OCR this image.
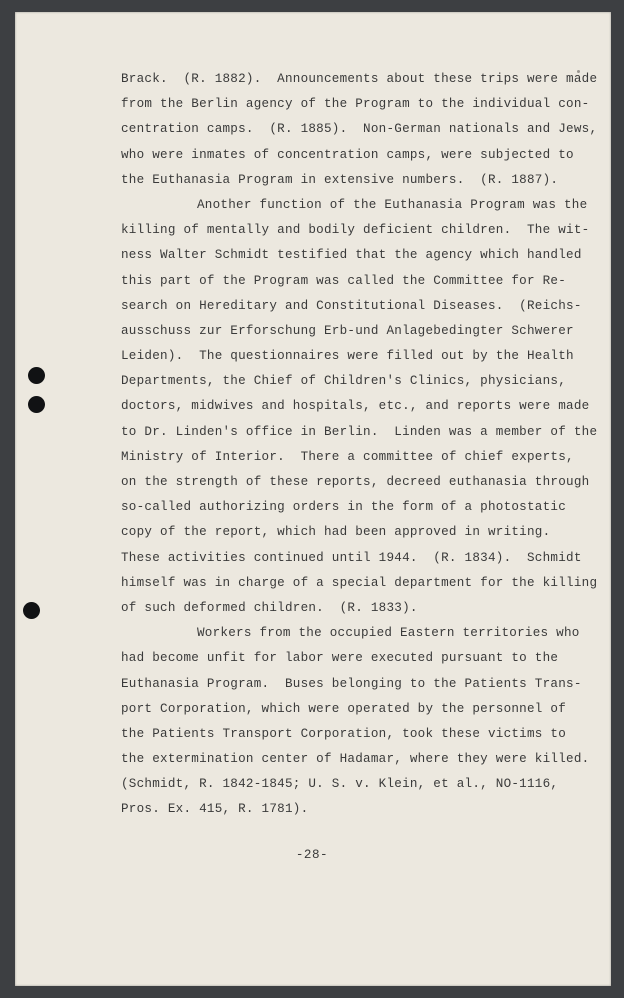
Brack.  (R. 1882).  Announcements about these trips were made
from the Berlin agency of the Program to the individual con-
centration camps.  (R. 1885).  Non-German nationals and Jews,
who were inmates of concentration camps, were subjected to
the Euthanasia Program in extensive numbers.  (R. 1887).
Another function of the Euthanasia Program was the
killing of mentally and bodily deficient children.  The wit-
ness Walter Schmidt testified that the agency which handled
this part of the Program was called the Committee for Re-
search on Hereditary and Constitutional Diseases.  (Reichs-
ausschuss zur Erforschung Erb-und Anlagebedingter Schwerer
Leiden).  The questionnaires were filled out by the Health
Departments, the Chief of Children's Clinics, physicians,
doctors, midwives and hospitals, etc., and reports were made
to Dr. Linden's office in Berlin.  Linden was a member of the
Ministry of Interior.  There a committee of chief experts,
on the strength of these reports, decreed euthanasia through
so-called authorizing orders in the form of a photostatic
copy of the report, which had been approved in writing.
These activities continued until 1944.  (R. 1834).  Schmidt
himself was in charge of a special department for the killing
of such deformed children.  (R. 1833).
Workers from the occupied Eastern territories who
had become unfit for labor were executed pursuant to the
Euthanasia Program.  Buses belonging to the Patients Trans-
port Corporation, which were operated by the personnel of
the Patients Transport Corporation, took these victims to
the extermination center of Hadamar, where they were killed.
(Schmidt, R. 1842-1845; U. S. v. Klein, et al., NO-1116,
Pros. Ex. 415, R. 1781).
-28-
